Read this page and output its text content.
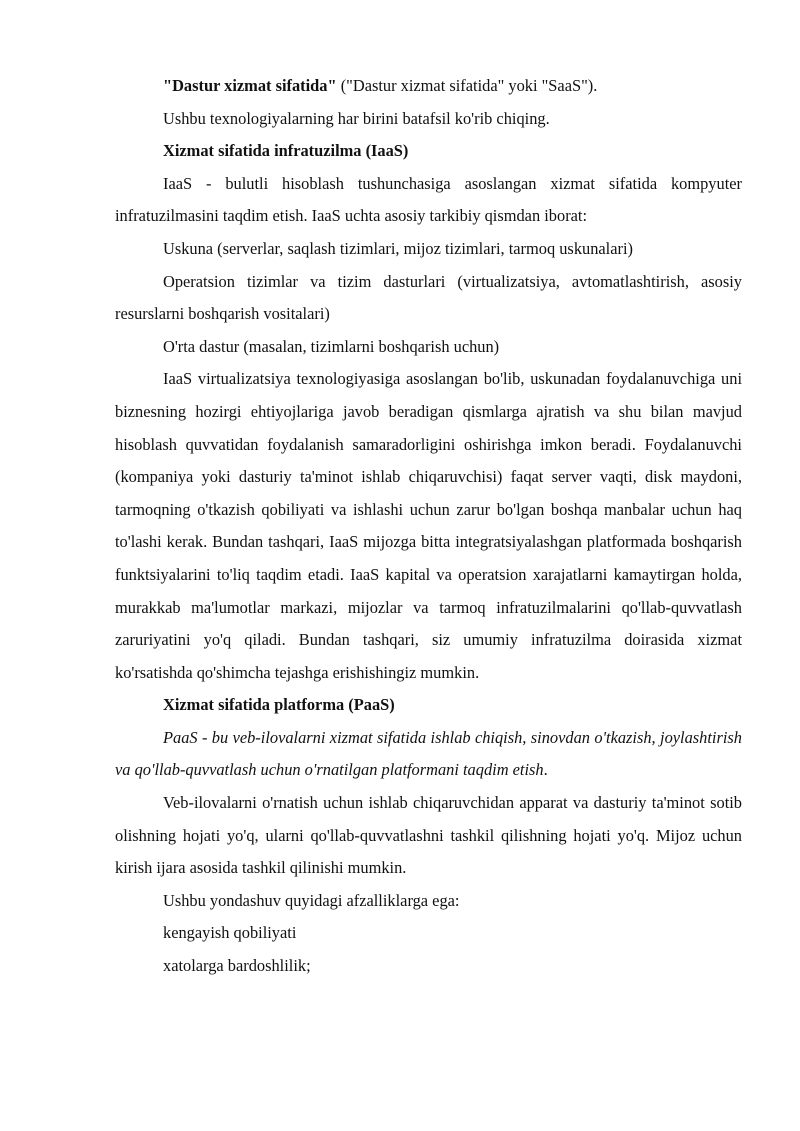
"Dastur xizmat sifatida" ("Dastur xizmat sifatida" yoki "SaaS").

Ushbu texnologiyalarning har birini batafsil ko'rib chiqing.

Xizmat sifatida infratuzilma (IaaS)

IaaS - bulutli hisoblash tushunchasiga asoslangan xizmat sifatida kompyuter infratuzilmasini taqdim etish. IaaS uchta asosiy tarkibiy qismdan iborat:

Uskuna (serverlar, saqlash tizimlari, mijoz tizimlari, tarmoq uskunalari)

Operatsion tizimlar va tizim dasturlari (virtualizatsiya, avtomatlashtirish, asosiy resurslarni boshqarish vositalari)

O'rta dastur (masalan, tizimlarni boshqarish uchun)

IaaS virtualizatsiya texnologiyasiga asoslangan bo'lib, uskunadan foydalanuvchiga uni biznesning hozirgi ehtiyojlariga javob beradigan qismlarga ajratish va shu bilan mavjud hisoblash quvvatidan foydalanish samaradorligini oshirishga imkon beradi. Foydalanuvchi (kompaniya yoki dasturiy ta'minot ishlab chiqaruvchisi) faqat server vaqti, disk maydoni, tarmoqning o'tkazish qobiliyati va ishlashi uchun zarur bo'lgan boshqa manbalar uchun haq to'lashi kerak. Bundan tashqari, IaaS mijozga bitta integratsiyalashgan platformada boshqarish funktsiyalarini to'liq taqdim etadi. IaaS kapital va operatsion xarajatlarni kamaytirgan holda, murakkab ma'lumotlar markazi, mijozlar va tarmoq infratuzilmalarini qo'llab-quvvatlash zaruriyatini yo'q qiladi. Bundan tashqari, siz umumiy infratuzilma doirasida xizmat ko'rsatishda qo'shimcha tejashga erishishingiz mumkin.

Xizmat sifatida platforma (PaaS)

PaaS - bu veb-ilovalarni xizmat sifatida ishlab chiqish, sinovdan o'tkazish, joylashtirish va qo'llab-quvvatlash uchun o'rnatilgan platformani taqdim etish.

Veb-ilovalarni o'rnatish uchun ishlab chiqaruvchidan apparat va dasturiy ta'minot sotib olishning hojati yo'q, ularni qo'llab-quvvatlashni tashkil qilishning hojati yo'q. Mijoz uchun kirish ijara asosida tashkil qilinishi mumkin.

Ushbu yondashuv quyidagi afzalliklarga ega:

kengayish qobiliyati

xatolarga bardoshlilik;
